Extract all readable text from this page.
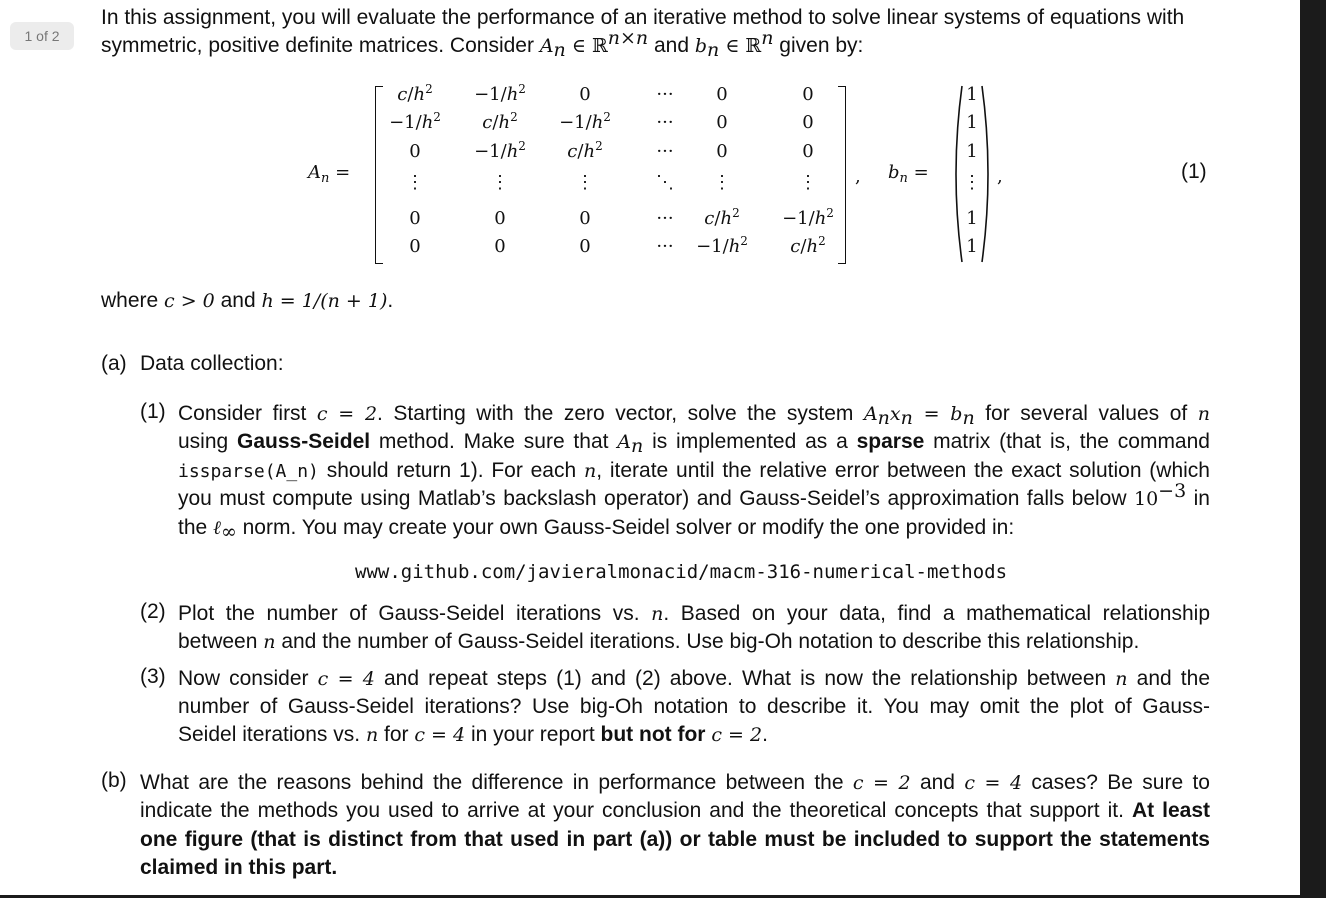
1 of 2
In this assignment, you will evaluate the performance of an iterative method to solve linear systems of equations with
symmetric, positive definite matrices. Consider $A_n$ ∈ ℝ$^{n\times n}$ and $b_n$ ∈ ℝ$^n$ given by:
$A_n$ =
$c/h^2$
$-1/h^2$
0
⋮
0
0
$-1/h^2$
$c/h^2$
$-1/h^2$
⋮
0
0
0
$-1/h^2$
$c/h^2$
⋮
0
0
···
···
···
⋱
···
···
0
0
0
⋮
$c/h^2$
$-1/h^2$
0
0
0
⋮
$-1/h^2$
$c/h^2$
, $b_n$ =
1
1
1
⋮
1
1
,	(1)
where c > 0 and h = 1/(n + 1).
(a) Data collection:
(1) Consider first c = 2. Starting with the zero vector, solve the system $A_nx_n = b_n$ for several values of n
using Gauss-Seidel method. Make sure that $A_n$ is implemented as a sparse matrix (that is, the command
issparse(A_n) should return 1). For each n, iterate until the relative error between the exact solution (which
you must compute using Matlab’s backslash operator) and Gauss-Seidel’s approximation falls below $10^{-3}$ in
the ℓ$_\infty$ norm. You may create your own Gauss-Seidel solver or modify the one provided in:
www.github.com/javieralmonacid/macm-316-numerical-methods
(2) Plot the number of Gauss-Seidel iterations vs. n. Based on your data, find a mathematical relationship
between n and the number of Gauss-Seidel iterations. Use big-Oh notation to describe this relationship.
(3) Now consider c = 4 and repeat steps (1) and (2) above. What is now the relationship between n and the
number of Gauss-Seidel iterations? Use big-Oh notation to describe it. You may omit the plot of Gauss-
Seidel iterations vs. n for c = 4 in your report but not for c = 2.
(b) What are the reasons behind the difference in performance between the c = 2 and c = 4 cases? Be sure to
indicate the methods you used to arrive at your conclusion and the theoretical concepts that support it. At least
one figure (that is distinct from that used in part (a)) or table must be included to support the statements
claimed in this part.
